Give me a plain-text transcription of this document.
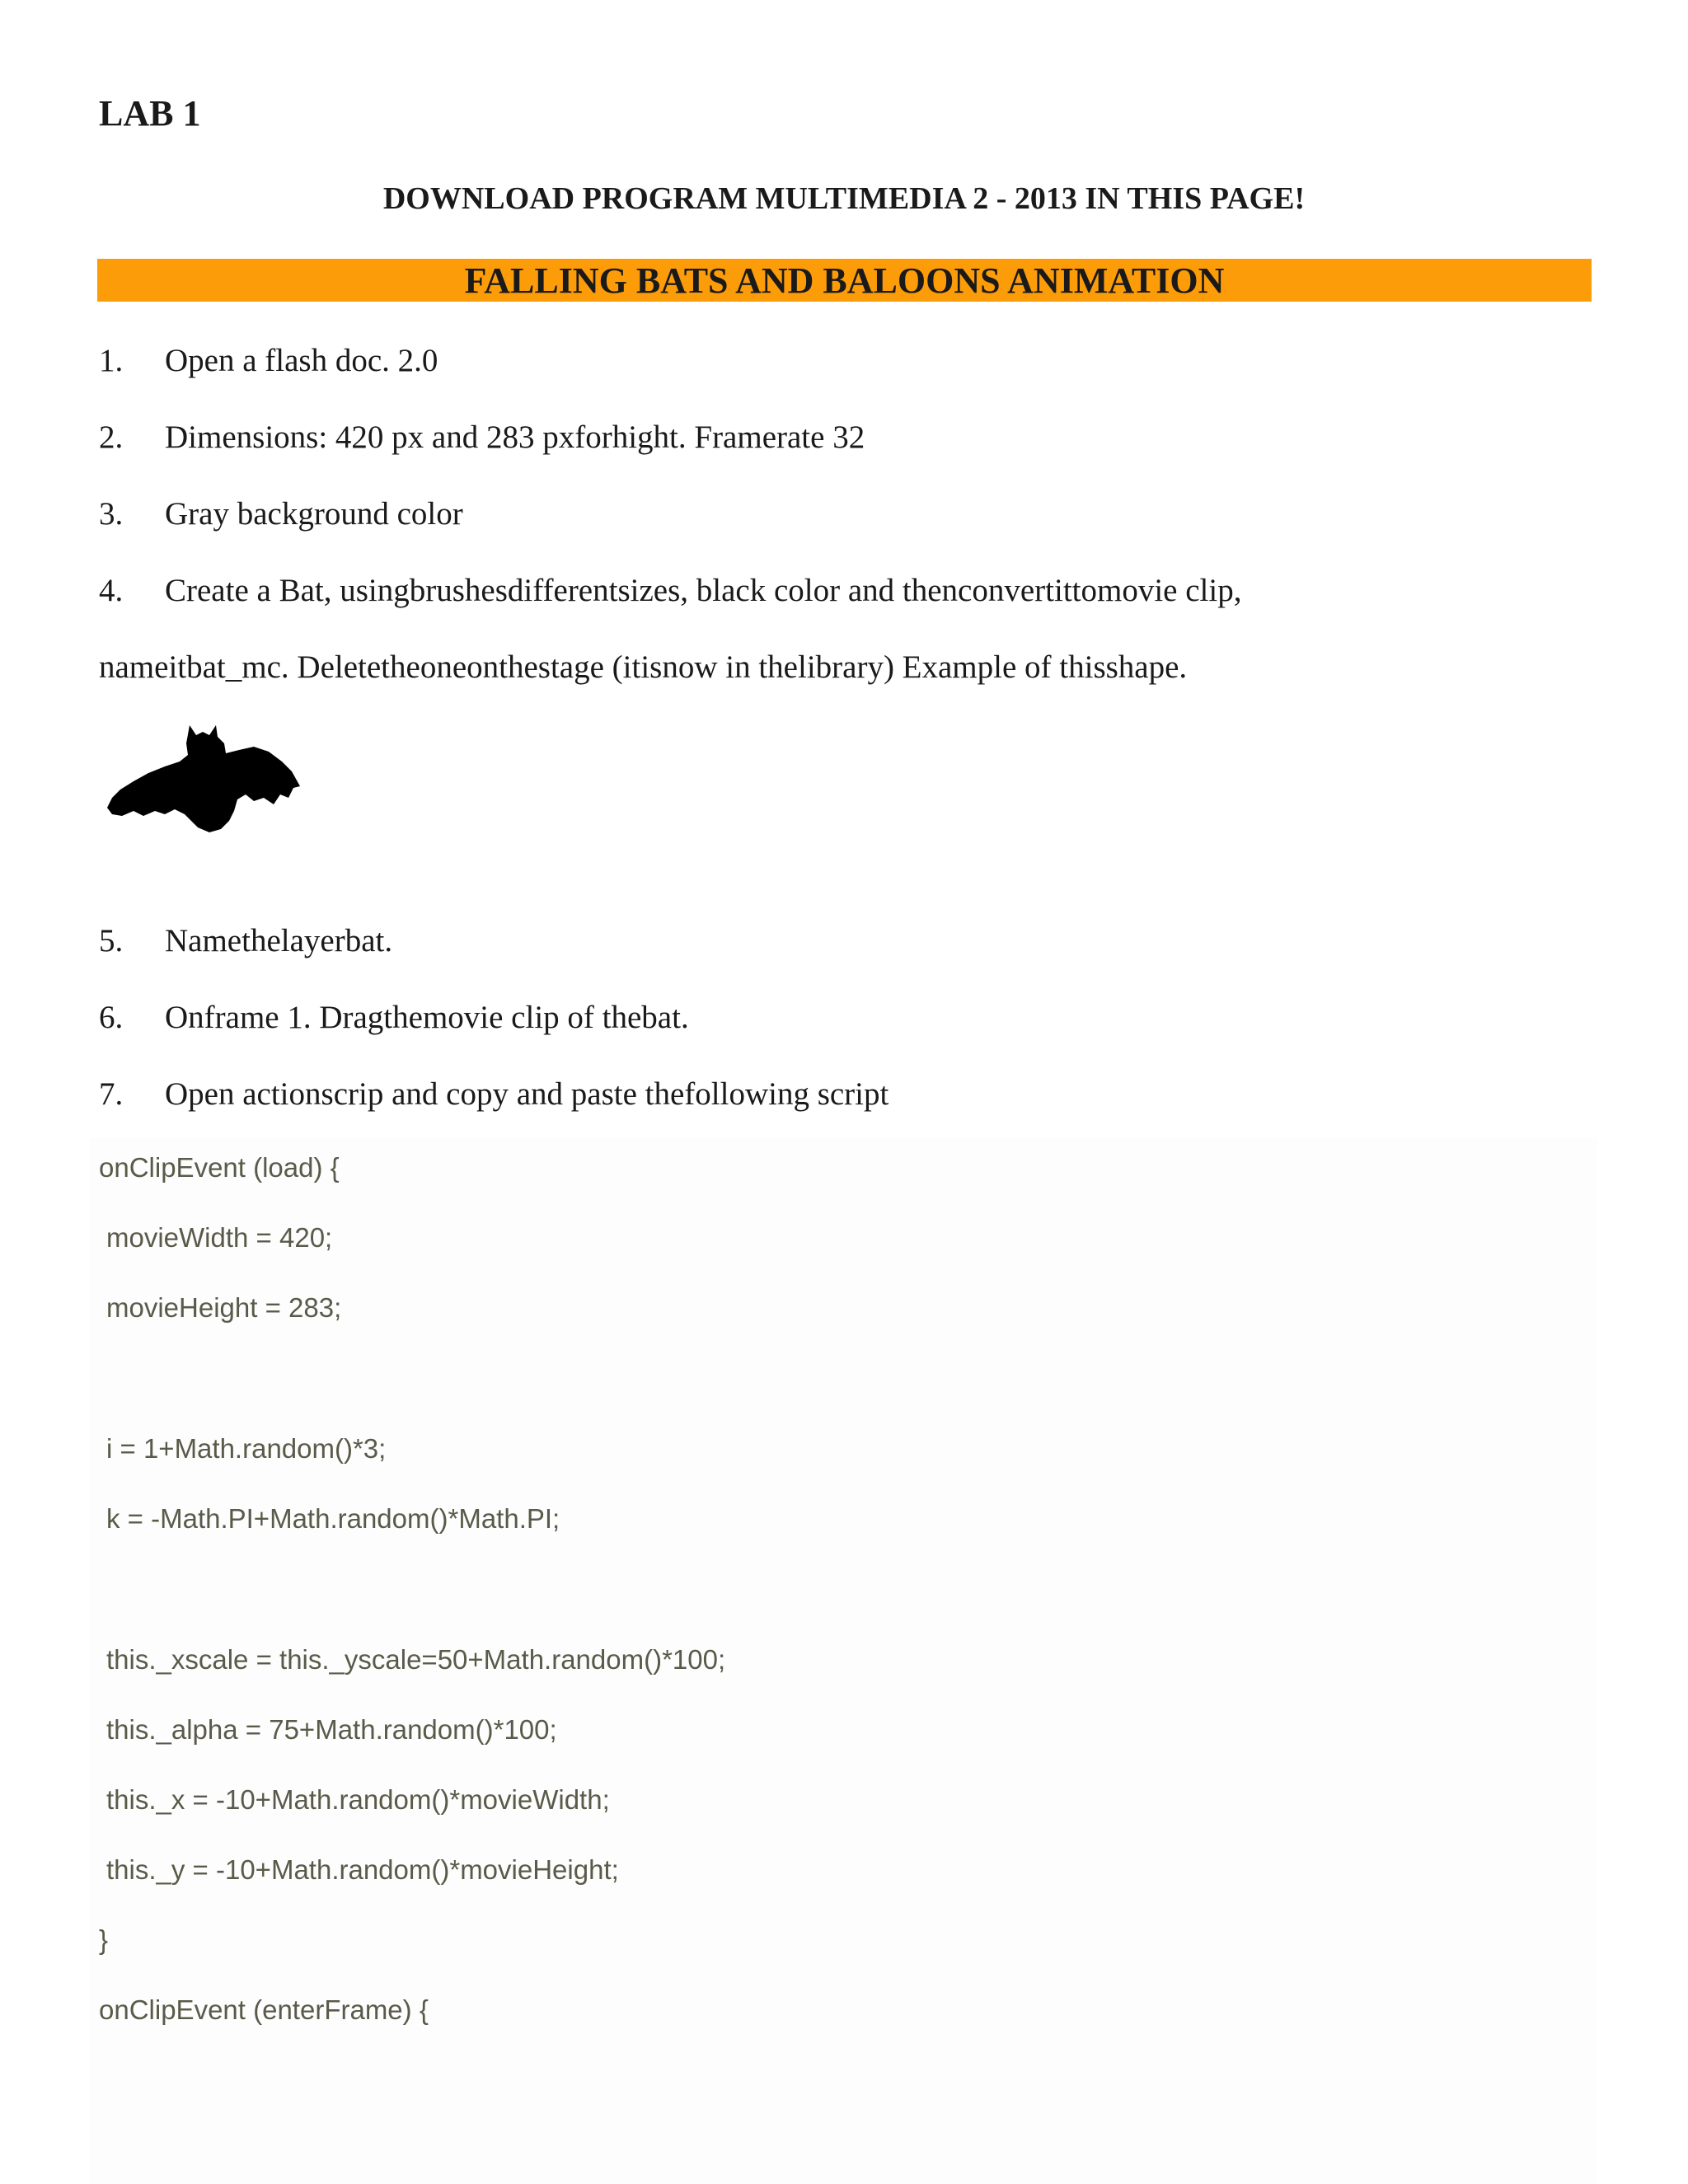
LAB 1
DOWNLOAD PROGRAM MULTIMEDIA 2 - 2013 IN THIS PAGE!
FALLING BATS AND BALOONS ANIMATION
1. Open a flash doc. 2.0
2. Dimensions: 420 px and 283 pxforhight. Framerate 32
3. Gray background color
4. Create a Bat, usingbrushesdifferentsizes, black color and thenconvertittomovie clip,
nameitbat_mc. Deletetheoneonthestage (itisnow in thelibrary) Example of thisshape.
5. Namethelayerbat.
6. Onframe 1. Dragthemovie clip of thebat.
7. Open actionscrip and copy and paste thefollowing script
onClipEvent (load) {
movieWidth = 420;
movieHeight = 283;
i = 1+Math.random()*3;
k = -Math.PI+Math.random()*Math.PI;
this._xscale = this._yscale=50+Math.random()*100;
this._alpha = 75+Math.random()*100;
this._x = -10+Math.random()*movieWidth;
this._y = -10+Math.random()*movieHeight;
}
onClipEvent (enterFrame) {
